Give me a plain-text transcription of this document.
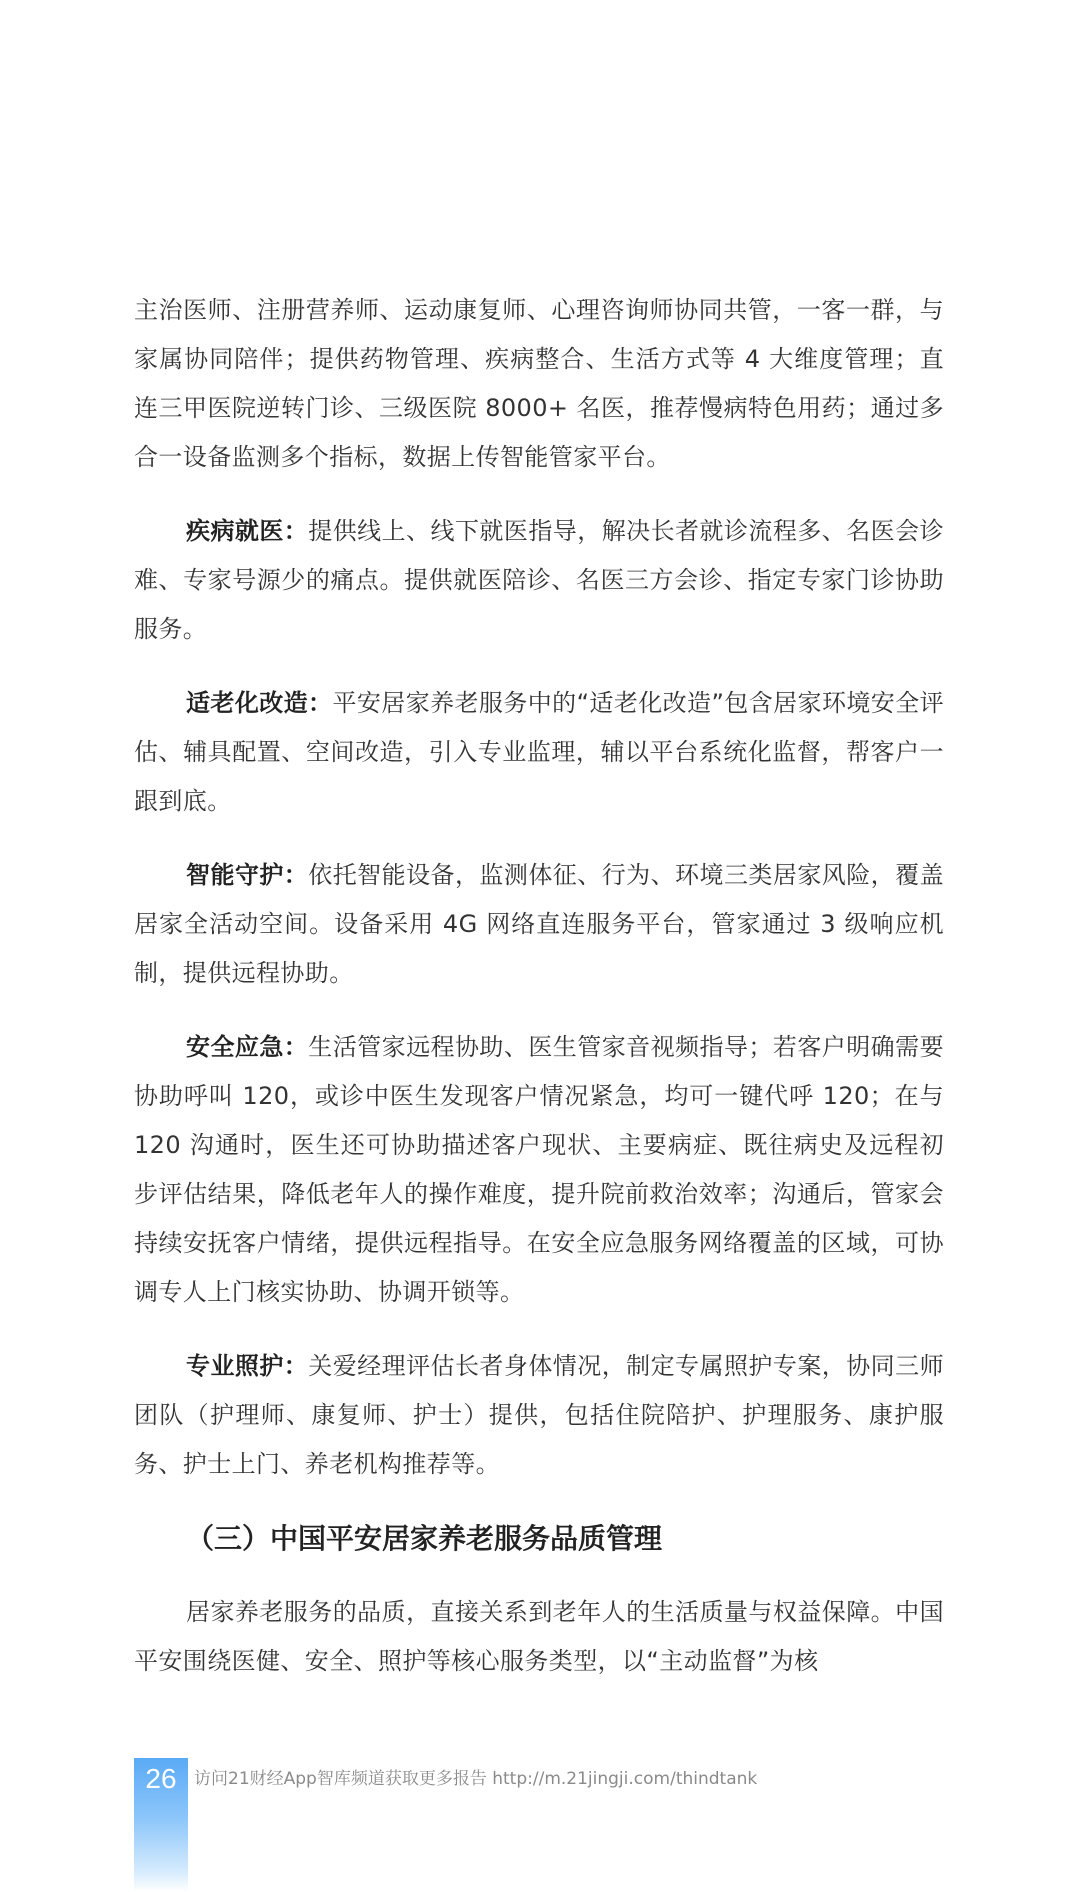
主治医师、注册营养师、运动康复师、心理咨询师协同共管，一客一群，与家属协同陪伴；提供药物管理、疾病整合、生活方式等 4 大维度管理；直连三甲医院逆转门诊、三级医院 8000+ 名医，推荐慢病特色用药；通过多合一设备监测多个指标，数据上传智能管家平台。

疾病就医：提供线上、线下就医指导，解决长者就诊流程多、名医会诊难、专家号源少的痛点。提供就医陪诊、名医三方会诊、指定专家门诊协助服务。

适老化改造：平安居家养老服务中的“适老化改造”包含居家环境安全评估、辅具配置、空间改造，引入专业监理，辅以平台系统化监督，帮客户一跟到底。

智能守护：依托智能设备，监测体征、行为、环境三类居家风险，覆盖居家全活动空间。设备采用 4G 网络直连服务平台，管家通过 3 级响应机制，提供远程协助。

安全应急：生活管家远程协助、医生管家音视频指导；若客户明确需要协助呼叫 120，或诊中医生发现客户情况紧急，均可一键代呼 120；在与 120 沟通时，医生还可协助描述客户现状、主要病症、既往病史及远程初步评估结果，降低老年人的操作难度，提升院前救治效率；沟通后，管家会持续安抚客户情绪，提供远程指导。在安全应急服务网络覆盖的区域，可协调专人上门核实协助、协调开锁等。

专业照护：关爱经理评估长者身体情况，制定专属照护专案，协同三师团队（护理师、康复师、护士）提供，包括住院陪护、护理服务、康护服务、护士上门、养老机构推荐等。

（三）中国平安居家养老服务品质管理

居家养老服务的品质，直接关系到老年人的生活质量与权益保障。中国平安围绕医健、安全、照护等核心服务类型，以“主动监督”为核

26	访问21财经App智库频道获取更多报告 http://m.21jingji.com/thindtank
